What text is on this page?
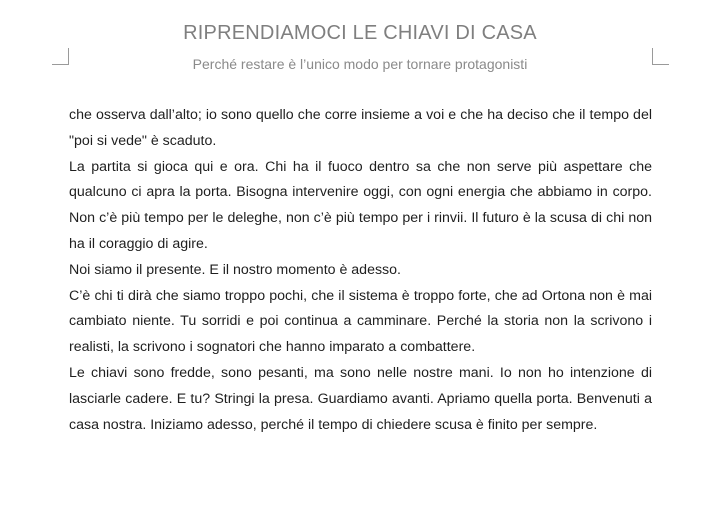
RIPRENDIAMOCI LE CHIAVI DI CASA
Perché restare è l’unico modo per tornare protagonisti

che osserva dall’alto; io sono quello che corre insieme a voi e che ha deciso che il tempo del "poi si vede" è scaduto.

La partita si gioca qui e ora. Chi ha il fuoco dentro sa che non serve più aspettare che qualcuno ci apra la porta. Bisogna intervenire oggi, con ogni energia che abbiamo in corpo. Non c’è più tempo per le deleghe, non c’è più tempo per i rinvii. Il futuro è la scusa di chi non ha il coraggio di agire.

Noi siamo il presente. E il nostro momento è adesso.

C’è chi ti dirà che siamo troppo pochi, che il sistema è troppo forte, che ad Ortona non è mai cambiato niente. Tu sorridi e poi continua a camminare. Perché la storia non la scrivono i realisti, la scrivono i sognatori che hanno imparato a combattere.

Le chiavi sono fredde, sono pesanti, ma sono nelle nostre mani. Io non ho intenzione di lasciarle cadere. E tu? Stringi la presa. Guardiamo avanti. Apriamo quella porta. Benvenuti a casa nostra. Iniziamo adesso, perché il tempo di chiedere scusa è finito per sempre.
